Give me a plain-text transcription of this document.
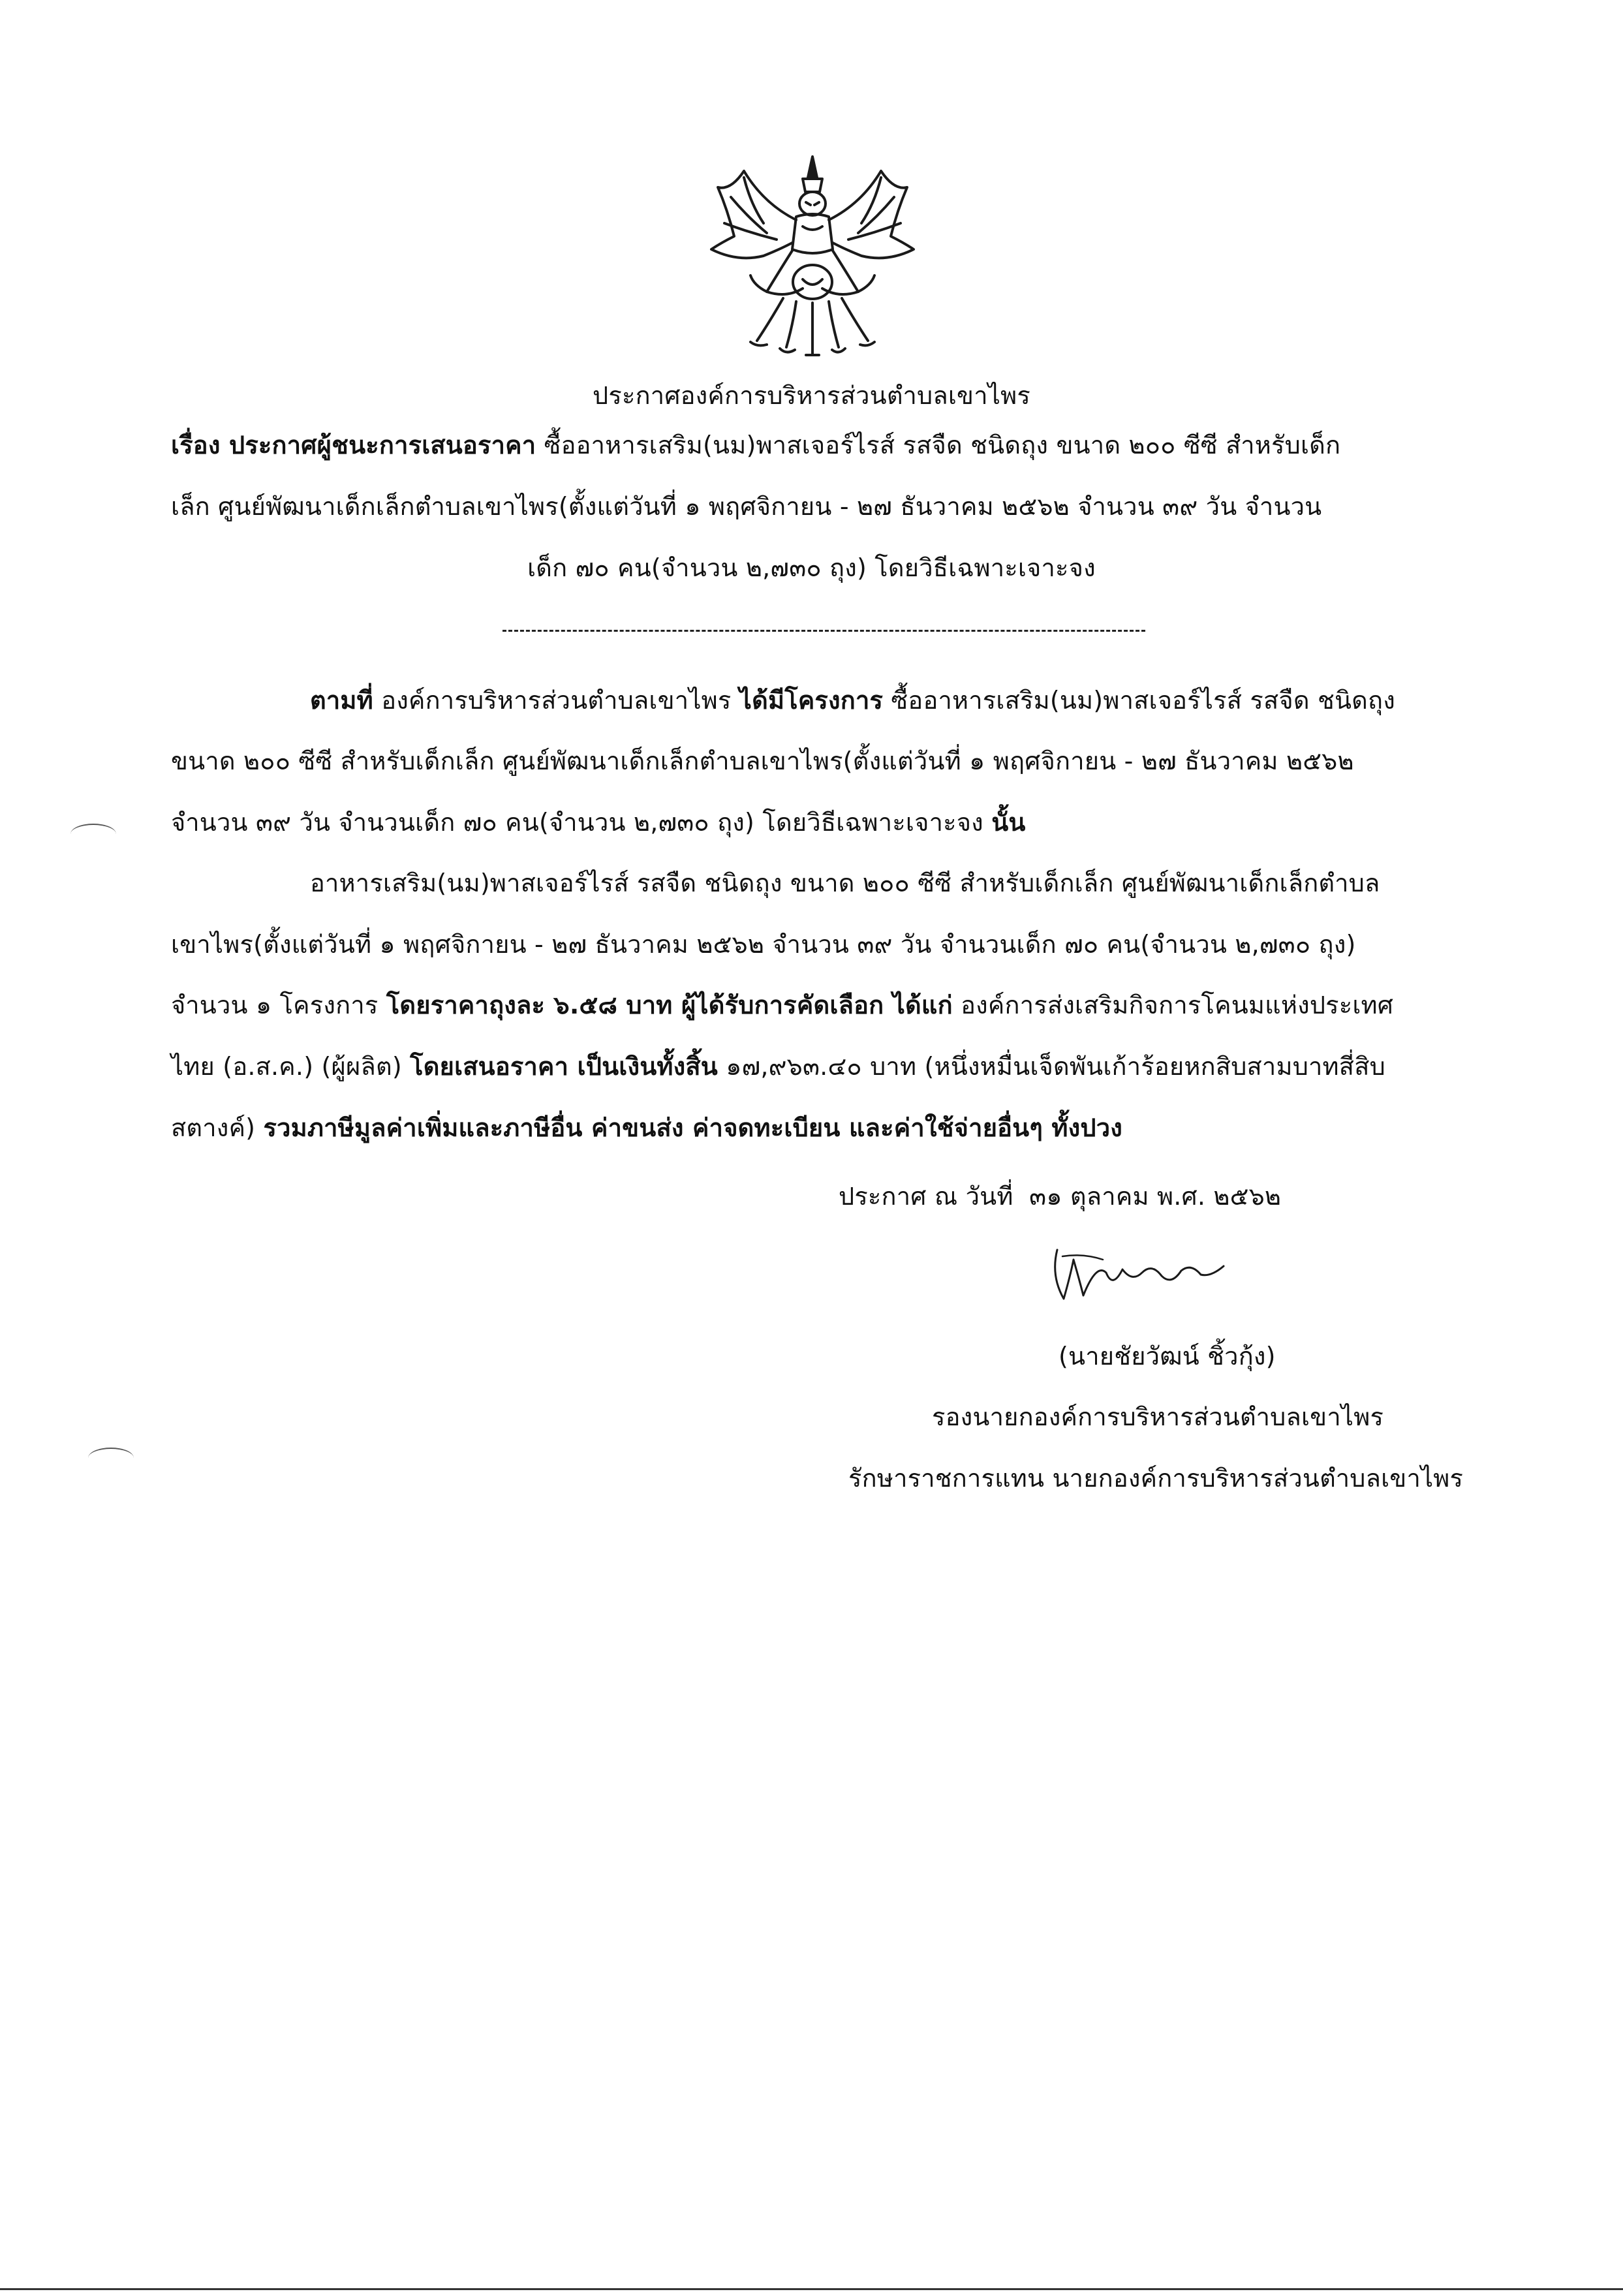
ประกาศองค์การบริหารส่วนตำบลเขาไพร
เรื่อง ประกาศผู้ชนะการเสนอราคา ซื้ออาหารเสริม(นม)พาสเจอร์ไรส์ รสจืด ชนิดถุง ขนาด ๒๐๐ ซีซี สำหรับเด็ก
เล็ก ศูนย์พัฒนาเด็กเล็กตำบลเขาไพร(ตั้งแต่วันที่ ๑ พฤศจิกายน - ๒๗ ธันวาคม ๒๕๖๒ จำนวน ๓๙ วัน จำนวน
เด็ก ๗๐ คน(จำนวน ๒,๗๓๐ ถุง) โดยวิธีเฉพาะเจาะจง
ตามที่ องค์การบริหารส่วนตำบลเขาไพร ได้มีโครงการ ซื้ออาหารเสริม(นม)พาสเจอร์ไรส์ รสจืด ชนิดถุง
ขนาด ๒๐๐ ซีซี สำหรับเด็กเล็ก ศูนย์พัฒนาเด็กเล็กตำบลเขาไพร(ตั้งแต่วันที่ ๑ พฤศจิกายน - ๒๗ ธันวาคม ๒๕๖๒
จำนวน ๓๙ วัน จำนวนเด็ก ๗๐ คน(จำนวน ๒,๗๓๐ ถุง) โดยวิธีเฉพาะเจาะจง นั้น
อาหารเสริม(นม)พาสเจอร์ไรส์ รสจืด ชนิดถุง ขนาด ๒๐๐ ซีซี สำหรับเด็กเล็ก ศูนย์พัฒนาเด็กเล็กตำบล
เขาไพร(ตั้งแต่วันที่ ๑ พฤศจิกายน - ๒๗ ธันวาคม ๒๕๖๒ จำนวน ๓๙ วัน จำนวนเด็ก ๗๐ คน(จำนวน ๒,๗๓๐ ถุง)
จำนวน ๑ โครงการ โดยราคาถุงละ ๖.๕๘ บาท ผู้ได้รับการคัดเลือก ได้แก่ องค์การส่งเสริมกิจการโคนมแห่งประเทศ
ไทย (อ.ส.ค.) (ผู้ผลิต) โดยเสนอราคา เป็นเงินทั้งสิ้น ๑๗,๙๖๓.๔๐ บาท (หนึ่งหมื่นเจ็ดพันเก้าร้อยหกสิบสามบาทสี่สิบ
สตางค์) รวมภาษีมูลค่าเพิ่มและภาษีอื่น ค่าขนส่ง ค่าจดทะเบียน และค่าใช้จ่ายอื่นๆ ทั้งปวง
ประกาศ ณ วันที่ ๓๑ ตุลาคม พ.ศ. ๒๕๖๒
(นายชัยวัฒน์ ชิ้วกุ้ง)
รองนายกองค์การบริหารส่วนตำบลเขาไพร
รักษาราชการแทน นายกองค์การบริหารส่วนตำบลเขาไพร
